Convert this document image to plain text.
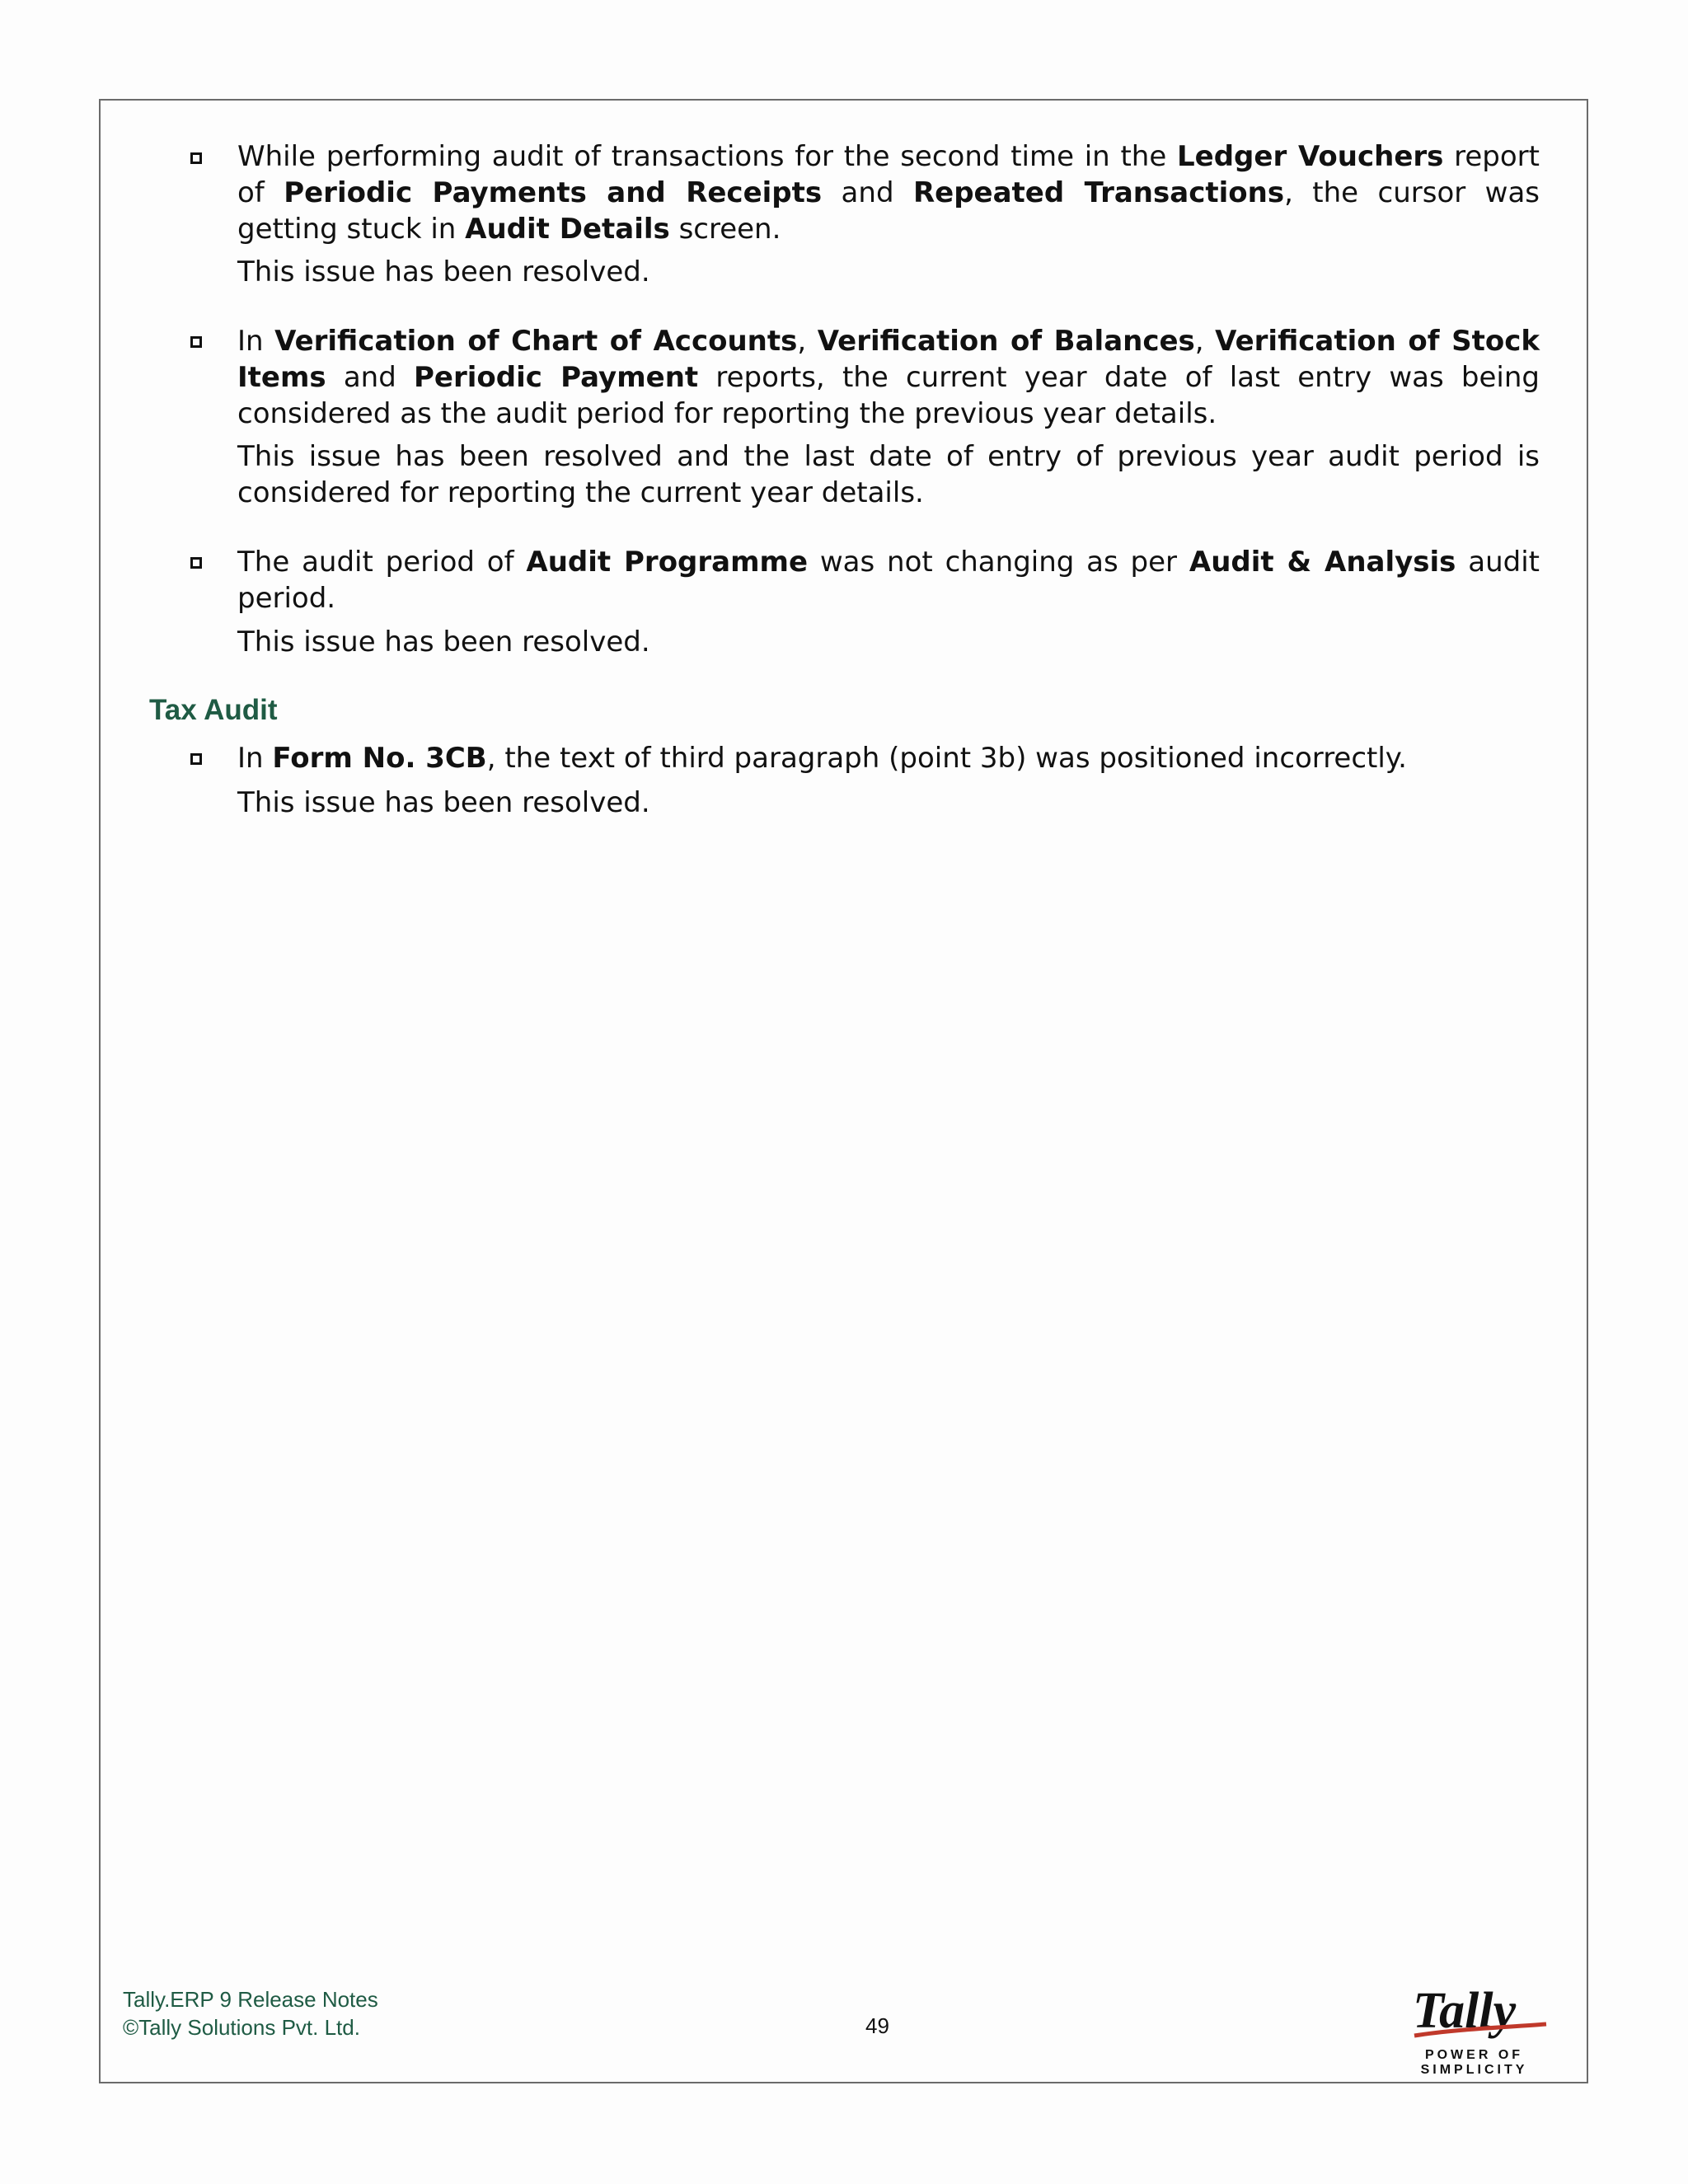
While performing audit of transactions for the second time in the Ledger Vouchers report of Periodic Payments and Receipts and Repeated Transactions, the cursor was getting stuck in Audit Details screen.
This issue has been resolved.
In Verification of Chart of Accounts, Verification of Balances, Verification of Stock Items and Periodic Payment reports, the current year date of last entry was being considered as the audit period for reporting the previous year details.
This issue has been resolved and the last date of entry of previous year audit period is considered for reporting the current year details.
The audit period of Audit Programme was not changing as per Audit & Analysis audit period.
This issue has been resolved.
Tax Audit
In Form No. 3CB, the text of third paragraph (point 3b) was positioned incorrectly.
This issue has been resolved.
Tally.ERP 9 Release Notes
©Tally Solutions Pvt. Ltd.	49	Tally
POWER OF SIMPLICITY
